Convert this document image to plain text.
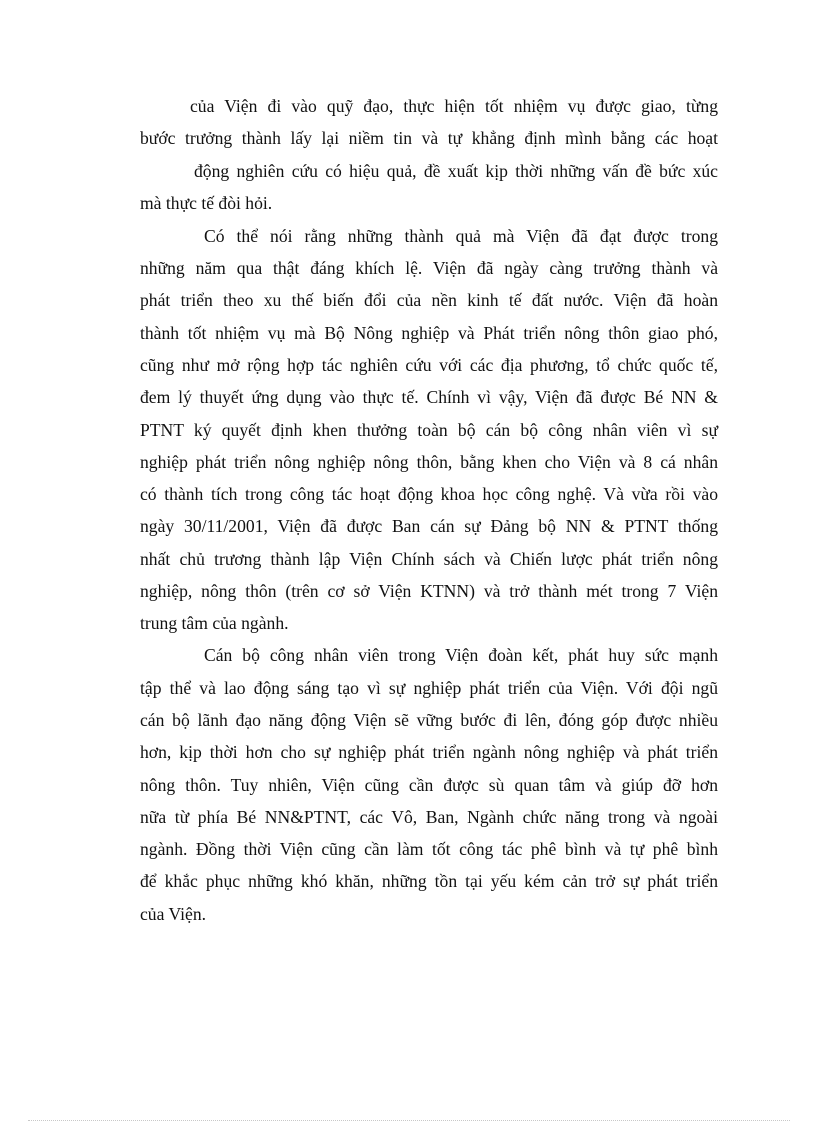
của Viện đi vào quỹ đạo, thực hiện tốt nhiệm vụ được giao, từng
bước trưởng thành lấy lại niềm tin và tự khẳng định mình bằng các hoạt
động nghiên cứu có hiệu quả, đề xuất kịp thời những vấn đề bức xúc
mà thực tế đòi hỏi.
Có thể nói rằng những thành quả mà Viện đã đạt được trong
những năm qua thật đáng khích lệ. Viện đã ngày càng trưởng thành và
phát triển theo xu thế biến đổi của nền kinh tế đất nước. Viện đã hoàn
thành tốt nhiệm vụ mà Bộ Nông nghiệp và Phát triển nông thôn giao phó,
cũng như mở rộng hợp tác nghiên cứu với các địa phương, tổ chức quốc tế,
đem lý thuyết ứng dụng vào thực tế. Chính vì vậy, Viện đã được Bé NN &
PTNT ký quyết định khen thưởng toàn bộ cán bộ công nhân viên vì sự
nghiệp phát triển nông nghiệp nông thôn, bằng khen cho Viện và 8 cá nhân
có thành tích trong công tác hoạt động khoa học công nghệ. Và vừa rồi vào
ngày 30/11/2001, Viện đã được Ban cán sự Đảng bộ NN & PTNT thống
nhất chủ trương thành lập Viện Chính sách và Chiến lược phát triển nông
nghiệp, nông thôn (trên cơ sở Viện KTNN) và trở thành mét trong 7 Viện
trung tâm của ngành.
Cán bộ công nhân viên trong Viện đoàn kết, phát huy sức mạnh
tập thể và lao động sáng tạo vì sự nghiệp phát triển của Viện. Với đội ngũ
cán bộ lãnh đạo năng động Viện sẽ vững bước đi lên, đóng góp được nhiều
hơn, kịp thời hơn cho sự nghiệp phát triển ngành nông nghiệp và phát triển
nông thôn. Tuy nhiên, Viện cũng cần được sù quan tâm và giúp đỡ hơn
nữa từ phía Bé NN&PTNT, các Vô, Ban, Ngành chức năng trong và ngoài
ngành. Đồng thời Viện cũng cần làm tốt công tác phê bình và tự phê bình
để khắc phục những khó khăn, những tồn tại yếu kém cản trở sự phát triển
của Viện.
